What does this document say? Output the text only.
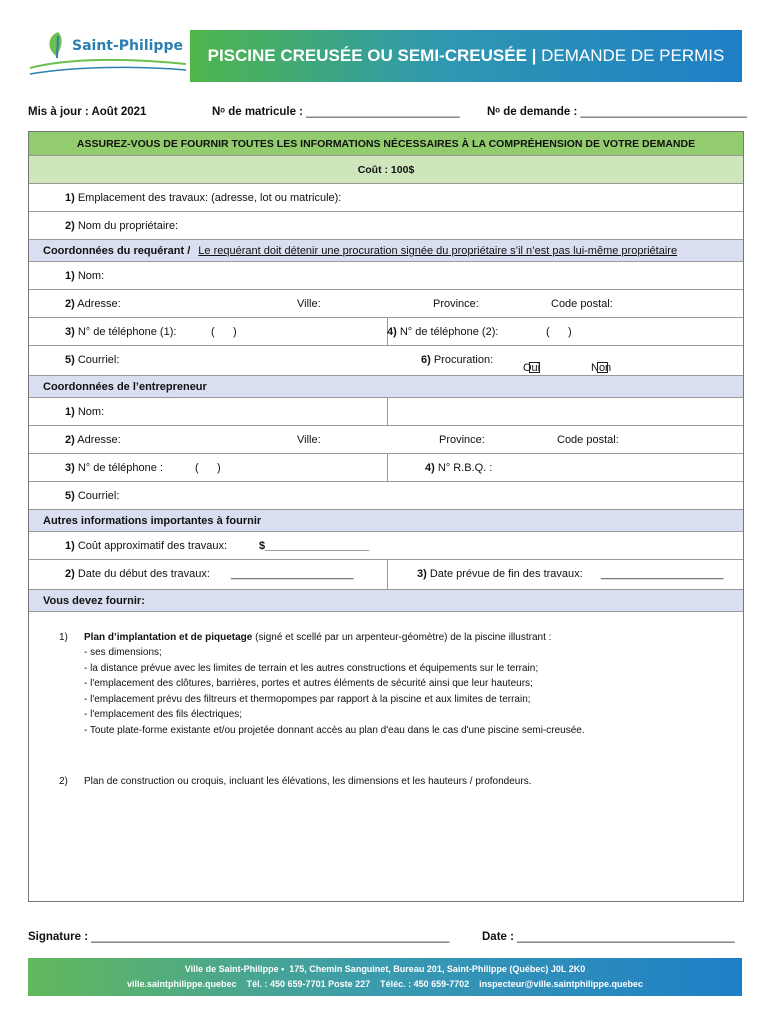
Saint-Philippe PISCINE CREUSÉE OU SEMI-CREUSÉE | DEMANDE DE PERMIS
Mis à jour : Août 2021	Nᵒ de matricule : ________________________ Nᵒ de demande : __________________________
ASSUREZ-VOUS DE FOURNIR TOUTES LES INFORMATIONS NÉCESSAIRES À LA COMPRÉHENSION DE VOTRE DEMANDE
Coût : 100$
1) Emplacement des travaux: (adresse, lot ou matricule):
2) Nom du propriétaire:
Coordonnées du requérant / Le requérant doit détenir une procuration signée du propriétaire s’il n’est pas lui-même propriétaire
1) Nom:
2) Adresse:	Ville:	Province:	Code postal:
3) N° de téléphone (1):	(      )	4) N° de téléphone (2):	(      )
5) Courriel:	6) Procuration:
Oui	Non
Coordonnées de l’entrepreneur
1) Nom:
2) Adresse:	Ville:	Province:	Code postal:
3) N° de téléphone :	(      )	4) N° R.B.Q. :
5) Courriel:
Autres informations importantes à fournir
1) Coût approximatif des travaux:	$_________________
2) Date du début des travaux: ____________________	3) Date prévue de fin des travaux: ____________________
Vous devez fournir:
1) Plan d’implantation et de piquetage (signé et scellé par un arpenteur-géomètre) de la piscine illustrant :
- ses dimensions;
- la distance prévue avec les limites de terrain et les autres constructions et équipements sur le terrain;
- l'emplacement des clôtures, barrières, portes et autres éléments de sécurité ainsi que leur hauteurs;
- l'emplacement prévu des filtreurs et thermopompes par rapport à la piscine et aux limites de terrain;
- l'emplacement des fils électriques;
- Toute plate-forme existante et/ou projetée donnant accès au plan d'eau dans le cas d'une piscine semi-creusée.
2) Plan de construction ou croquis, incluant les élévations, les dimensions et les hauteurs / profondeurs.
Signature : ________________________________________________________	Date : __________________________________
Ville de Saint-Philippe •  175, Chemin Sanguinet, Bureau 201, Saint-Philippe (Québec) J0L 2K0
ville.saintphilippe.quebec    Tél. : 450 659-7701 Poste 227    Téléc. : 450 659-7702    inspecteur@ville.saintphilippe.quebec
